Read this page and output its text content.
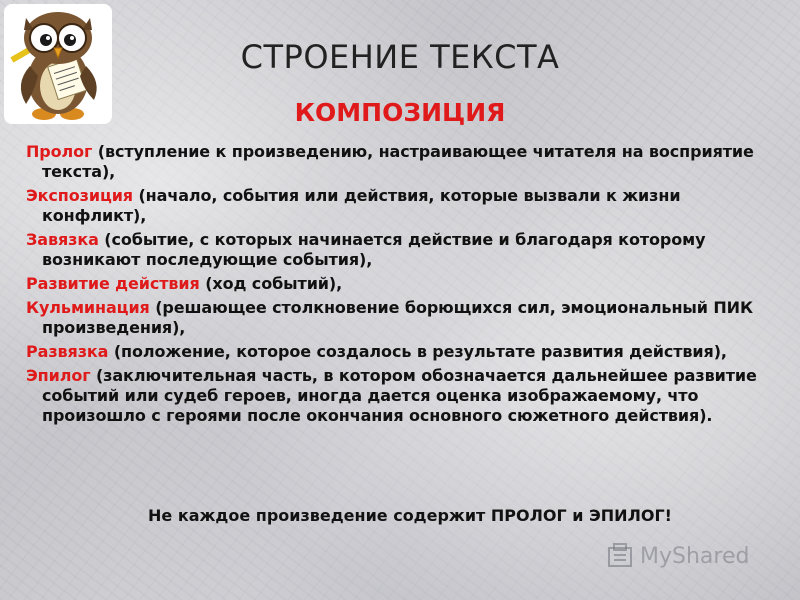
СТРОЕНИЕ ТЕКСТА
КОМПОЗИЦИЯ
Пролог (вступление к произведению, настраивающее читателя на восприятие текста),
Экспозиция (начало, события или действия, которые вызвали к жизни конфликт),
Завязка (событие, с которых начинается действие и благодаря которому возникают последующие события),
Развитие действия (ход событий),
Кульминация (решающее столкновение борющихся сил, эмоциональный ПИК произведения),
Развязка (положение, которое создалось в результате развития действия),
Эпилог (заключительная часть, в котором обозначается дальнейшее развитие событий или судеб героев, иногда дается оценка изображаемому, что произошло с героями после окончания основного сюжетного действия).
Не каждое произведение содержит ПРОЛОГ и ЭПИЛОГ!
MyShared
